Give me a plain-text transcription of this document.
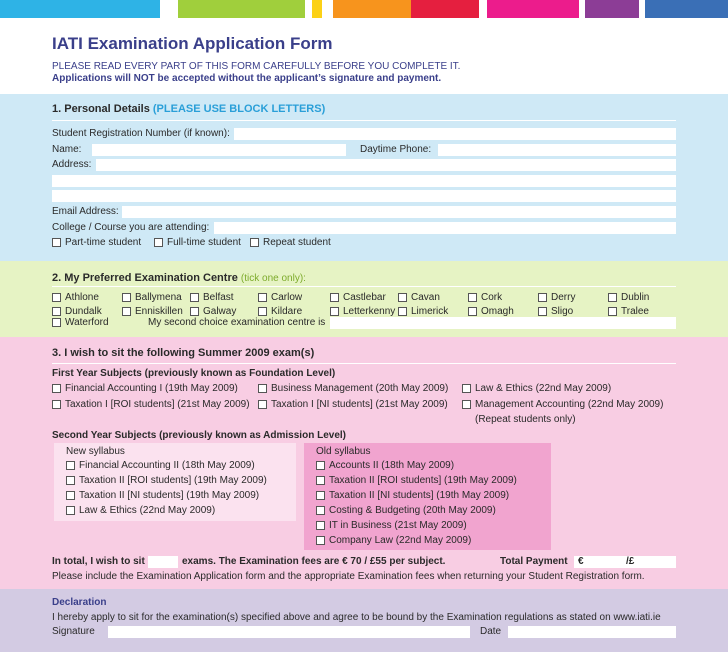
IATI Examination Application Form
PLEASE READ EVERY PART OF THIS FORM CAREFULLY BEFORE YOU COMPLETE IT.
Applications will NOT be accepted without the applicant’s signature and payment.
1. Personal Details (PLEASE USE BLOCK LETTERS)
Student Registration Number (if known):
Name:	Daytime Phone:
Address:
Email Address:
College / Course you are attending:
Part-time student	Full-time student Repeat student
2. My Preferred Examination Centre (tick one only):
Athlone	Ballymena Belfast	Carlow	Castlebar	Cavan	Cork	Derry	Dublin
Dundalk	Enniskillen Galway	Kildare	Letterkenny Limerick	Omagh	Sligo	Tralee
Waterford	My second choice examination centre is
3. I wish to sit the following Summer 2009 exam(s)
First Year Subjects (previously known as Foundation Level)
Financial Accounting I (19th May 2009)	Business Management (20th May 2009)	Law & Ethics (22nd May 2009)
Taxation I [ROI students] (21st May 2009) Taxation I [NI students] (21st May 2009)	Management Accounting (22nd May 2009)
(Repeat students only)
Second Year Subjects (previously known as Admission Level)
New syllabus
Financial Accounting II (18th May 2009)
Taxation II [ROI students] (19th May 2009)
Taxation II [NI students] (19th May 2009)
Law & Ethics (22nd May 2009)
Old syllabus
Accounts II (18th May 2009)
Taxation II [ROI students] (19th May 2009)
Taxation II [NI students] (19th May 2009)
Costing & Budgeting (20th May 2009)
IT in Business (21st May 2009)
Company Law (22nd May 2009)
In total, I wish to sit	exams. The Examination fees are € 70 / £55 per subject.	Total Payment €	/£
Please include the Examination Application form and the appropriate Examination fees when returning your Student Registration form.
Declaration
I hereby apply to sit for the examination(s) specified above and agree to be bound by the Examination regulations as stated on www.iati.ie
Signature	Date
